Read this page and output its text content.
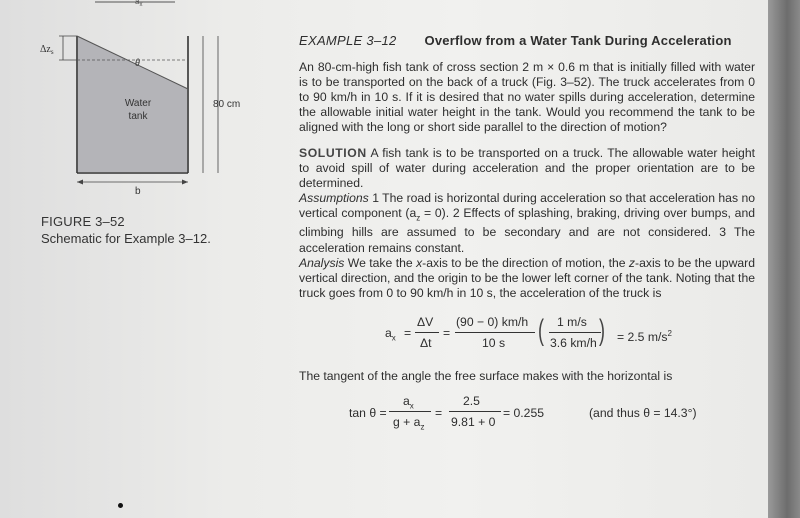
$a_x$
θ
$\Delta z_s$
Water
tank
80 cm
b
FIGURE 3–52
Schematic for Example 3–12.
EXAMPLE 3–12 Overflow from a Water Tank During Acceleration

An 80-cm-high fish tank of cross section 2 m × 0.6 m that is initially filled with water is to be transported on the back of a truck (Fig. 3–52). The truck accelerates from 0 to 90 km/h in 10 s. If it is desired that no water spills during acceleration, determine the allowable initial water height in the tank. Would you recommend the tank to be aligned with the long or short side parallel to the direction of motion?

SOLUTION A fish tank is to be transported on a truck. The allowable water height to avoid spill of water during acceleration and the proper orientation are to be determined.

Assumptions 1 The road is horizontal during acceleration so that acceleration has no vertical component $(a_z = 0)$. 2 Effects of splashing, braking, driving over bumps, and climbing hills are assumed to be secondary and are not considered. 3 The acceleration remains constant.

Analysis We take the x-axis to be the direction of motion, the z-axis to be the upward vertical direction, and the origin to be the lower left corner of the tank. Noting that the truck goes from 0 to 90 km/h in 10 s, the acceleration of the truck is

$a_x$ =
ΔV
Δt
=
(90 − 0) km/h
10 s ( 1 m/s
3.6 km/h ) = 2.5 $m/s^2$

The tangent of the angle the free surface makes with the horizontal is

tan θ =
$a_x$
$g + a_z$
=
2.5
9.81 + 0
= 0.255	(and thus θ = 14.3°)
